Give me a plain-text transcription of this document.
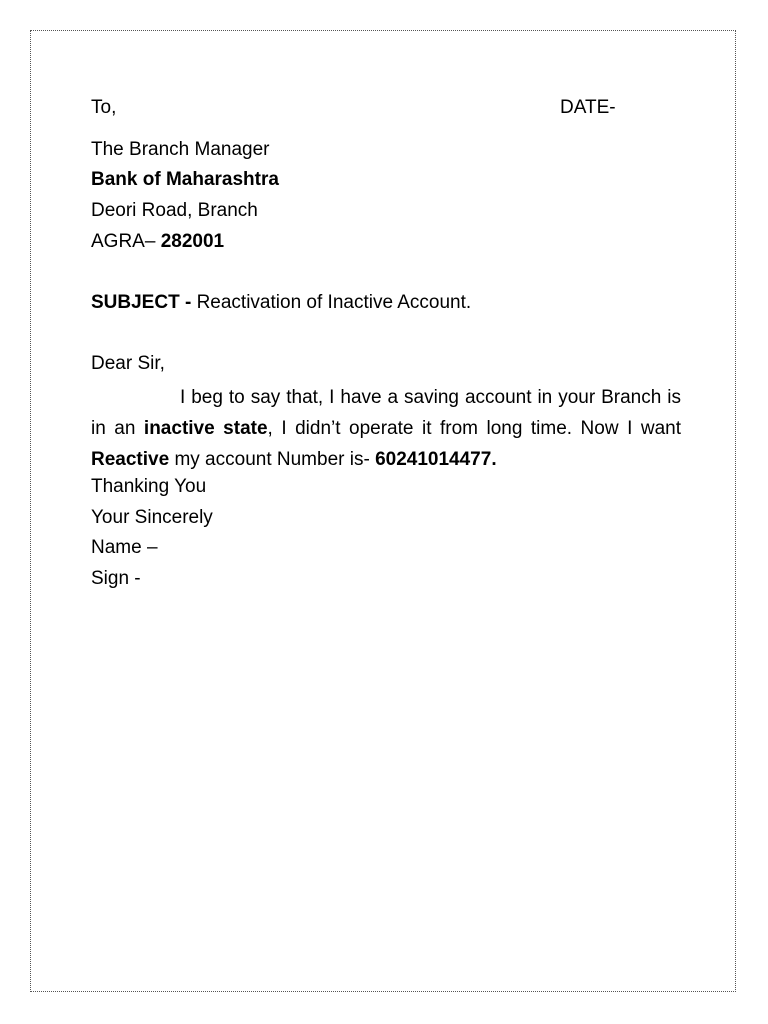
To,	DATE-
The Branch Manager
Bank of Maharashtra
Deori Road, Branch
AGRA– 282001
SUBJECT - Reactivation of Inactive Account.
Dear Sir,
I beg to say that, I have a saving account in your Branch is in an inactive state, I didn’t operate it from long time. Now I want Reactive my account Number is- 60241014477.
Thanking You
Your Sincerely
Name –
Sign -
